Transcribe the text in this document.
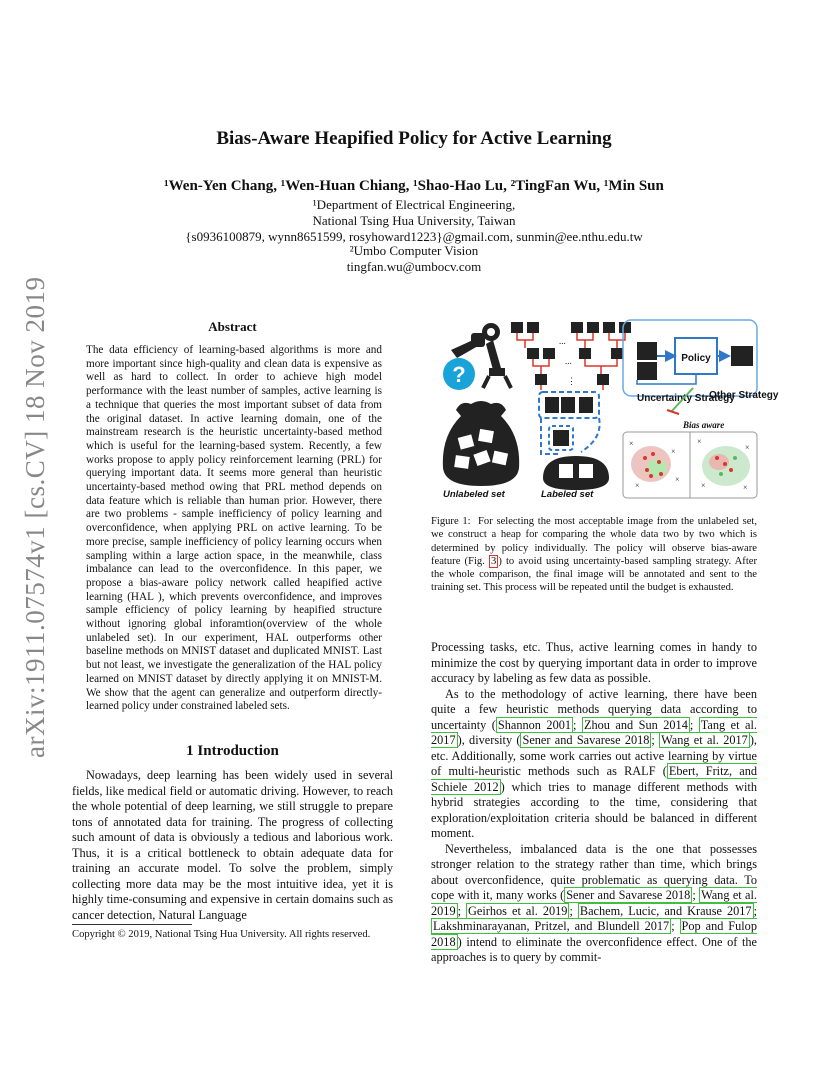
arXiv:1911.07574v1 [cs.CV] 18 Nov 2019
Bias-Aware Heapified Policy for Active Learning
¹Wen-Yen Chang, ¹Wen-Huan Chiang, ¹Shao-Hao Lu, ²TingFan Wu, ¹Min Sun
¹Department of Electrical Engineering,
National Tsing Hua University, Taiwan
{s0936100879, wynn8651599, rosyhoward1223}@gmail.com, sunmin@ee.nthu.edu.tw
²Umbo Computer Vision
tingfan.wu@umbocv.com
Abstract
The data efficiency of learning-based algorithms is more and more important since high-quality and clean data is expensive as well as hard to collect. In order to achieve high model performance with the least number of samples, active learning is a technique that queries the most important subset of data from the original dataset. In active learning domain, one of the mainstream research is the heuristic uncertainty-based method which is useful for the learning-based system. Recently, a few works propose to apply policy reinforcement learning (PRL) for querying important data. It seems more general than heuristic uncertainty-based method owing that PRL method depends on data feature which is reliable than human prior. However, there are two problems - sample inefficiency of policy learning and overconfidence, when applying PRL on active learning. To be more precise, sample inefficiency of policy learning occurs when sampling within a large action space, in the meanwhile, class imbalance can lead to the overconfidence. In this paper, we propose a bias-aware policy network called heapified active learning (HAL ), which prevents overconfidence, and improves sample efficiency of policy learning by heapified structure without ignoring global inforamtion(overview of the whole unlabeled set). In our experiment, HAL outperforms other baseline methods on MNIST dataset and duplicated MNIST. Last but not least, we investigate the generalization of the HAL policy learned on MNIST dataset by directly applying it on MNIST-M. We show that the agent can generalize and outperform directly-learned policy under constrained labeled sets.
1 Introduction
Nowadays, deep learning has been widely used in several fields, like medical field or automatic driving. However, to reach the whole potential of deep learning, we still struggle to prepare tons of annotated data for training. The progress of collecting such amount of data is obviously a tedious and laborious work. Thus, it is a critical bottleneck to obtain adequate data for training an accurate model. To solve the problem, simply collecting more data may be the most intuitive idea, yet it is highly time-consuming and expensive in certain domains such as cancer detection, Natural Language
Copyright © 2019, National Tsing Hua University. All rights reserved.
?
...
...
⋮
Policy
Uncertainty Strategy
Other Strategy
Bias aware
×
×
×
×
×
×
×	×
Unlabeled set	Labeled set
Figure 1: For selecting the most acceptable image from the unlabeled set, we construct a heap for comparing the whole data two by two which is determined by policy individually. The policy will observe bias-aware feature (Fig. 3 ) to avoid using uncertainty-based sampling strategy. After the whole comparison, the final image will be annotated and sent to the training set. This process will be repeated until the budget is exhausted.

Processing tasks, etc. Thus, active learning comes in handy to minimize the cost by querying important data in order to improve accuracy by labeling as few data as possible.

As to the methodology of active learning, there have been quite a few heuristic methods querying data according to uncertainty ( Shannon 2001 ; Zhou and Sun 2014 ; Tang et al. 2017 ), diversity ( Sener and Savarese 2018 ; Wang et al. 2017 ), etc. Additionally, some work carries out active learning by virtue of multi-heuristic methods such as RALF ( Ebert, Fritz, and Schiele 2012 ) which tries to manage different methods with hybrid strategies according to the time, considering that exploration/exploitation criteria should be balanced in different moment.

Nevertheless, imbalanced data is the one that possesses stronger relation to the strategy rather than time, which brings about overconfidence, quite problematic as querying data. To cope with it, many works ( Sener and Savarese 2018 ; Wang et al. 2019 ; Geirhos et al. 2019 ; Bachem, Lucic, and Krause 2017 ; Lakshminarayanan, Pritzel, and Blundell 2017 ; Pop and Fulop 2018 ) intend to eliminate the overconfidence effect. One of the approaches is to query by commit-
